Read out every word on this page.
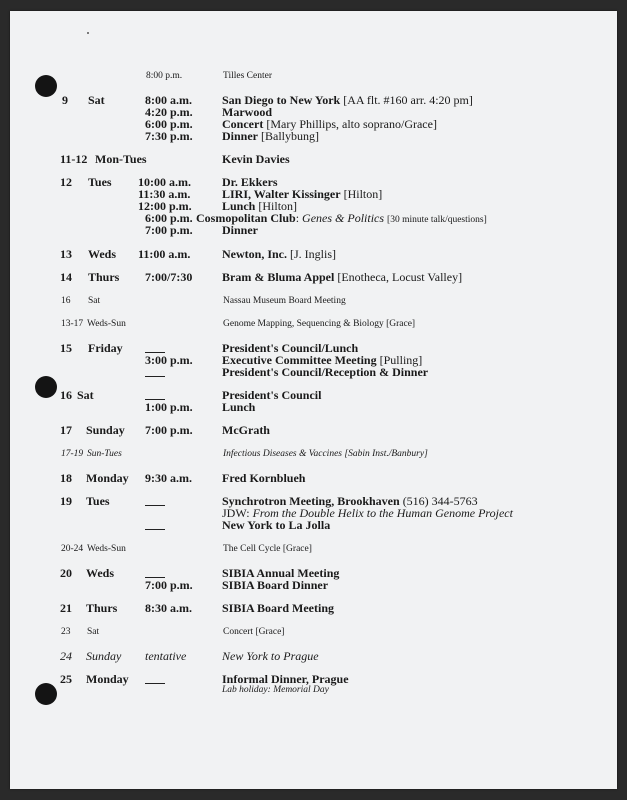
8:00 p.m.	Tilles Center
9 Sat	8:00 a.m.	San Diego to New York [AA flt. #160 arr. 4:20 pm]
4:20 p.m. Marwood
6:00 p.m. Concert [Mary Phillips, alto soprano/Grace]
7:30 p.m. Dinner [Ballybung]
11-12 Mon-Tues	Kevin Davies
12 Tues 10:00 a.m.	Dr. Ekkers
11:30 a.m.	LIRI, Walter Kissinger [Hilton]
12:00 p.m.	Lunch [Hilton]
6:00 p.m. Cosmopolitan Club: Genes & Politics [30 minute talk/questions]
7:00 p.m. Dinner
13 Weds 11:00 a.m.	Newton, Inc. [J. Inglis]
14 Thurs 7:00/7:30 Bram & Bluma Appel [Enotheca, Locust Valley]
16 Sat	Nassau Museum Board Meeting
13-17 Weds-Sun	Genome Mapping, Sequencing & Biology [Grace]
15 Friday	President's Council/Lunch
3:00 p.m. Executive Committee Meeting [Pulling]
President's Council/Reception & Dinner
16 Sat	President's Council
1:00 p.m. Lunch
17 Sunday 7:00 p.m. McGrath
17-19 Sun-Tues	Infectious Diseases & Vaccines [Sabin Inst./Banbury]
18 Monday 9:30 a.m.	Fred Kornblueh
19 Tues	Synchrotron Meeting, Brookhaven (516) 344-5763
JDW: From the Double Helix to the Human Genome Project
New York to La Jolla
20-24 Weds-Sun	The Cell Cycle [Grace]
20 Weds	SIBIA Annual Meeting
7:00 p.m. SIBIA Board Dinner
21 Thurs 8:30 a.m.	SIBIA Board Meeting
23 Sat	Concert [Grace]
24 Sunday tentative	New York to Prague
25 Monday	Informal Dinner, Prague
Lab holiday: Memorial Day
